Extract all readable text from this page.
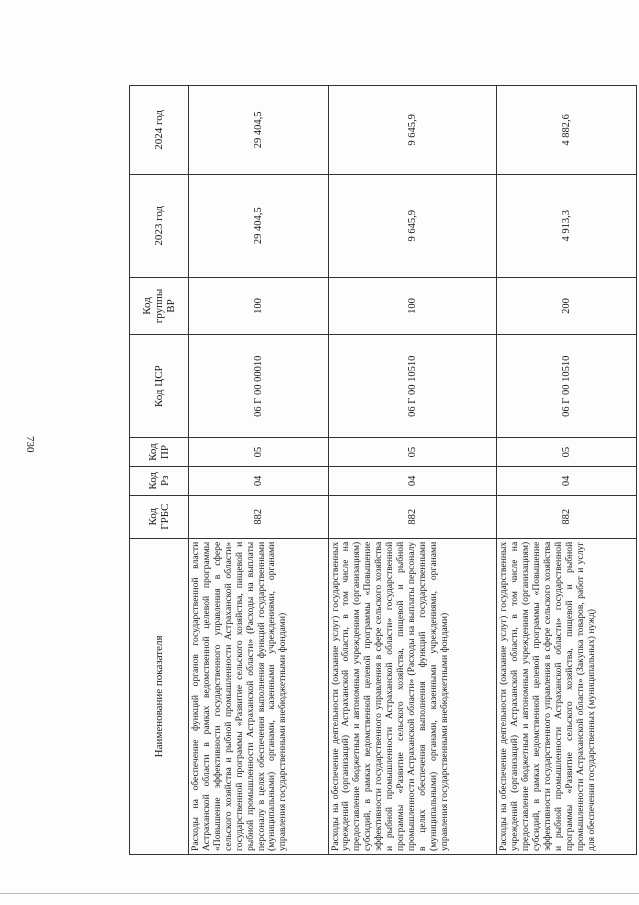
730
Наименование показателя	Код ГРБС	Код Рз	Код ПР	Код ЦСР	Код группы ВР	2023 год	2024 год
Расходы на обеспечение функций органов государственной власти Астраханской области в рамках ведомственной целевой программы «Повышение эффективности государственного управления в сфере сельского хозяйства и рыбной промышленности Астраханской области» государственной программы «Развитие сельского хозяйства, пищевой и рыбной промышленности Астраханской области» (Расходы на выплаты персоналу в целях обеспечения выполнения функций государственными (муниципальными) органами, казенными учреждениями, органами управления государственными внебюджетными фондами)	882	04	05	06 Г 00 00010	100	29 404,5	29 404,5
Расходы на обеспечение деятельности (оказание услуг) государственных учреждений (организаций) Астраханской области, в том числе на предоставление бюджетным и автономным учреждениям (организациям) субсидий, в рамках ведомственной целевой программы «Повышение эффективности государственного управления в сфере сельского хозяйства и рыбной промышленности Астраханской области» государственной программы «Развитие сельского хозяйства, пищевой и рыбной промышленности Астраханской области» (Расходы на выплаты персоналу в целях обеспечения выполнения функций государственными (муниципальными) органами, казенными учреждениями, органами управления государственными внебюджетными фондами)	882	04	05	06 Г 00 10510	100	9 645,9	9 645,9
Расходы на обеспечение деятельности (оказание услуг) государственных учреждений (организаций) Астраханской области, в том числе на предоставление бюджетным и автономным учреждениям (организациям) субсидий, в рамках ведомственной целевой программы «Повышение эффективности государственного управления в сфере сельского хозяйства и рыбной промышленности Астраханской области» государственной программы «Развитие сельского хозяйства, пищевой и рыбной промышленности Астраханской области» (Закупка товаров, работ и услуг для обеспечения государственных (муниципальных) нужд)	882	04	05	06 Г 00 10510	200	4 913,3	4 882,6
